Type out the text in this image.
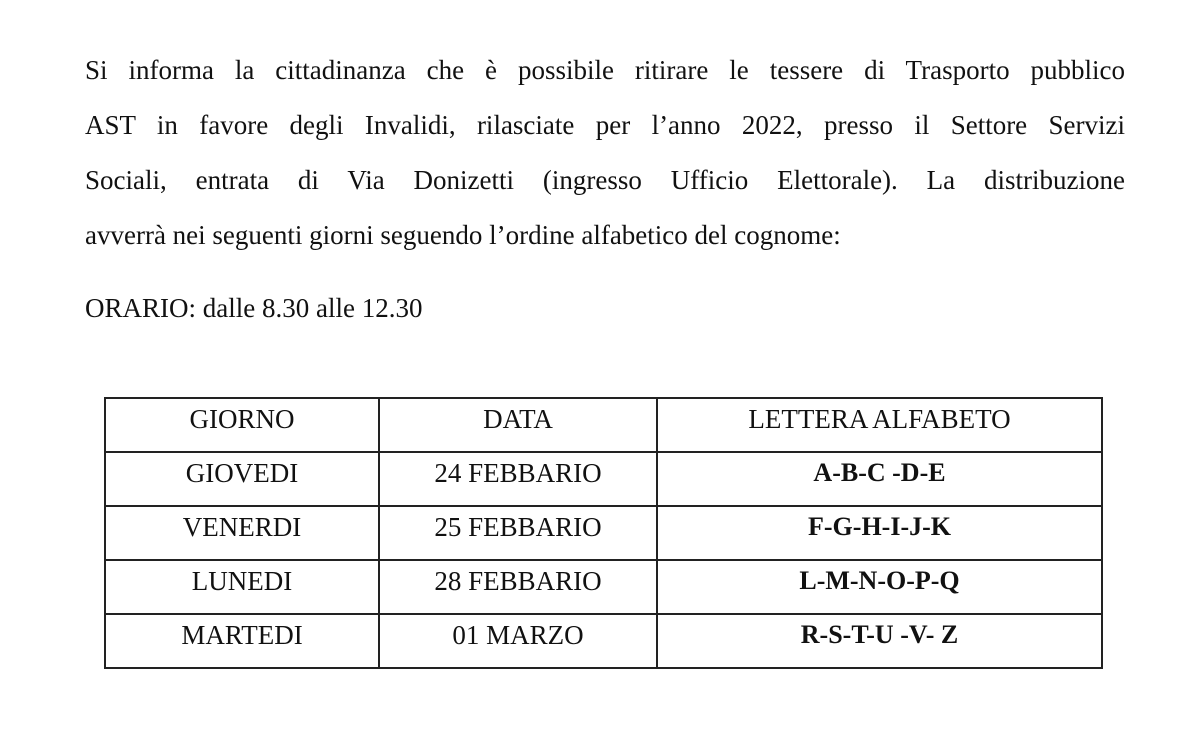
Si informa la cittadinanza che è possibile ritirare le tessere di Trasporto pubblico
AST in favore degli Invalidi, rilasciate per l’anno 2022, presso il Settore Servizi
Sociali, entrata di Via Donizetti (ingresso Ufficio Elettorale). La distribuzione
avverrà nei seguenti giorni seguendo l’ordine alfabetico del cognome:
ORARIO: dalle 8.30 alle 12.30
GIORNO	DATA	LETTERA ALFABETO
GIOVEDI	24 FEBBARIO	A-B-C -D-E
VENERDI	25 FEBBARIO	F-G-H-I-J-K
LUNEDI	28 FEBBARIO	L-M-N-O-P-Q
MARTEDI	01 MARZO	R-S-T-U -V- Z
